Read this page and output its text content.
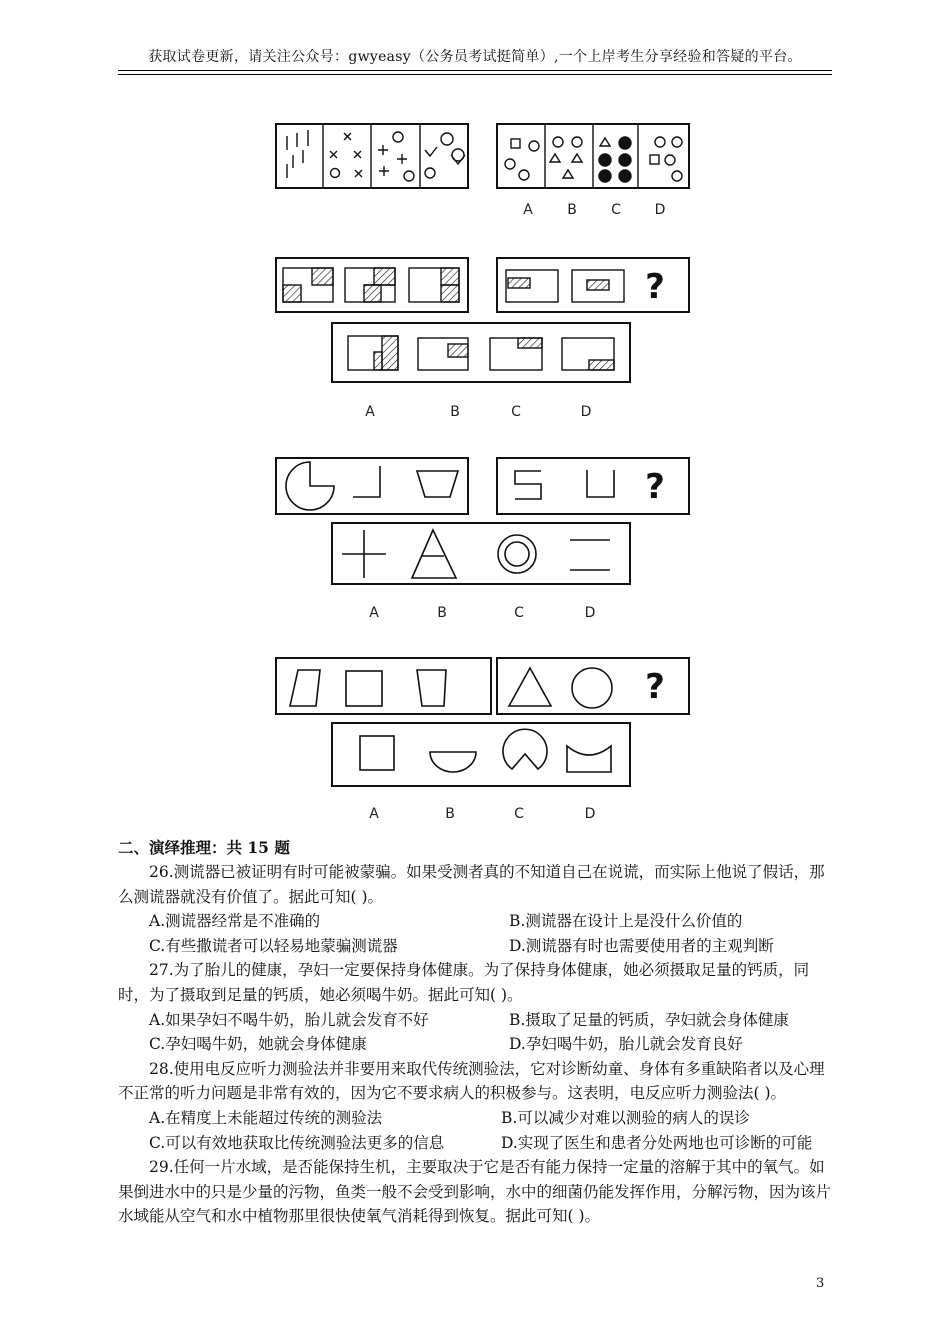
获取试卷更新，请关注公众号：gwyeasy（公务员考试挺简单）,一个上岸考生分享经验和答疑的平台。
A B C D
?
A	B	C	D
?
A	B	C	D
?
A	B	C	D
二、演绎推理：共 15 题

26.测谎器已被证明有时可能被蒙骗。如果受测者真的不知道自己在说谎，而实际上他说了假话，那么测谎器就没有价值了。据此可知( )。

A.测谎器经常是不准确的	B.测谎器在设计上是没什么价值的
C.有些撒谎者可以轻易地蒙骗测谎器	D.测谎器有时也需要使用者的主观判断

27.为了胎儿的健康，孕妇一定要保持身体健康。为了保持身体健康，她必须摄取足量的钙质，同时，为了摄取到足量的钙质，她必须喝牛奶。据此可知( )。

A.如果孕妇不喝牛奶，胎儿就会发育不好	B.摄取了足量的钙质，孕妇就会身体健康
C.孕妇喝牛奶，她就会身体健康	D.孕妇喝牛奶，胎儿就会发育良好

28.使用电反应听力测验法并非要用来取代传统测验法，它对诊断幼童、身体有多重缺陷者以及心理不正常的听力问题是非常有效的，因为它不要求病人的积极参与。这表明，电反应听力测验法( )。

A.在精度上未能超过传统的测验法	B.可以减少对难以测验的病人的误诊
C.可以有效地获取比传统测验法更多的信息	D.实现了医生和患者分处两地也可诊断的可能

29.任何一片水域，是否能保持生机，主要取决于它是否有能力保持一定量的溶解于其中的氧气。如果倒进水中的只是少量的污物，鱼类一般不会受到影响，水中的细菌仍能发挥作用，分解污物，因为该片水域能从空气和水中植物那里很快使氧气消耗得到恢复。据此可知( )。

3
